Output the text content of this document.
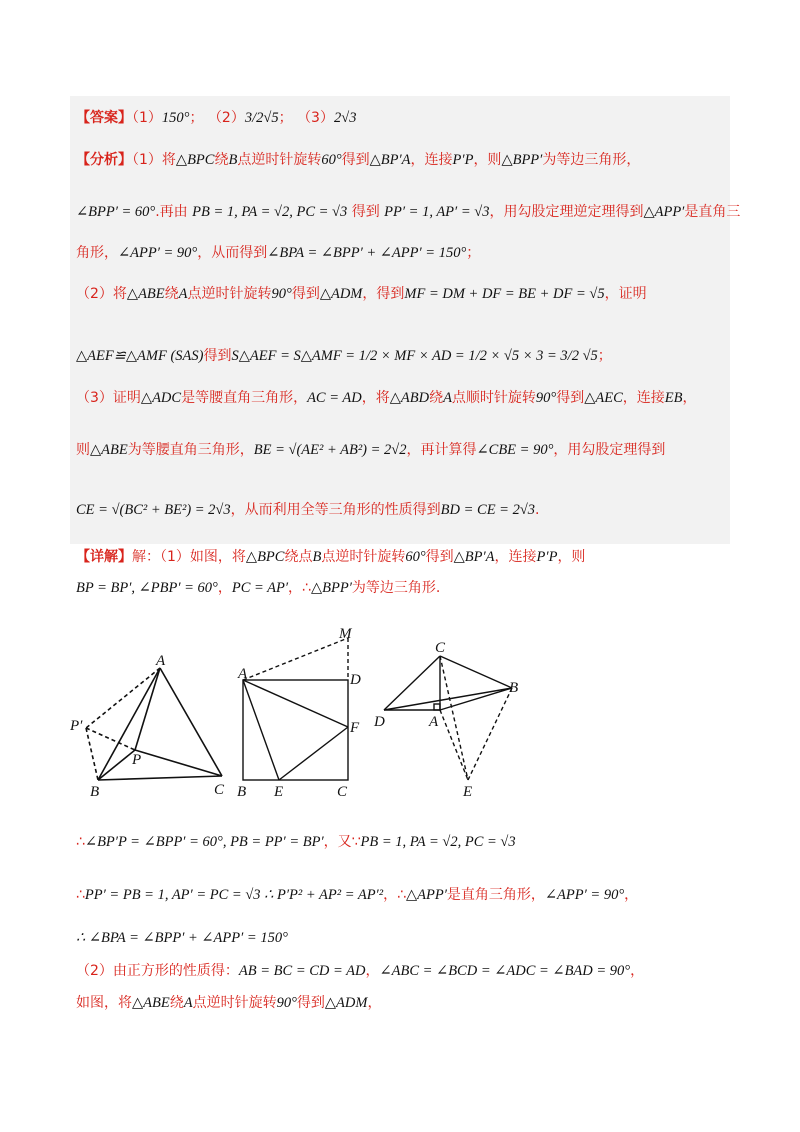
【答案】（1）150°； （2）3/2√5； （3）2√3
【分析】（1）将△BPC绕B点逆时针旋转60°得到△BP′A，连接P′P，则△BPP′为等边三角形，
∠BPP′ = 60°.再由 PB = 1, PA = √2, PC = √3 得到 PP′ = 1, AP′ = √3，用勾股定理逆定理得到△APP′是直角三
角形，∠APP′ = 90°，从而得到∠BPA = ∠BPP′ + ∠APP′ = 150°；
（2）将△ABE绕A点逆时针旋转90°得到△ADM，得到MF = DM + DF = BE + DF = √5，证明
△AEF≌△AMF (SAS)得到S△AEF = S△AMF = 1/2 × MF × AD = 1/2 × √5 × 3 = 3/2 √5；
（3）证明△ADC是等腰直角三角形，AC = AD，将△ABD绕A点顺时针旋转90°得到△AEC，连接EB，
则△ABE为等腰直角三角形，BE = √(AE² + AB²) = 2√2，再计算得∠CBE = 90°，用勾股定理得到
CE = √(BC² + BE²) = 2√3，从而利用全等三角形的性质得到BD = CE = 2√3.
【详解】解：（1）如图，将△BPC绕点B点逆时针旋转60°得到△BP′A，连接P′P，则
BP = BP′, ∠PBP′ = 60°，PC = AP′，∴△BPP′为等边三角形.
A
P′
P
B	C
M
A	D
F
B E	C
C
B
D	A
E
∴∠BP′P = ∠BPP′ = 60°, PB = PP′ = BP′，又∵PB = 1, PA = √2, PC = √3
∴PP′ = PB = 1, AP′ = PC = √3 ∴ P′P² + AP² = AP′²，∴△APP′是直角三角形，∠APP′ = 90°，
∴ ∠BPA = ∠BPP′ + ∠APP′ = 150°
（2）由正方形的性质得：AB = BC = CD = AD，∠ABC = ∠BCD = ∠ADC = ∠BAD = 90°，
如图，将△ABE绕A点逆时针旋转90°得到△ADM，
